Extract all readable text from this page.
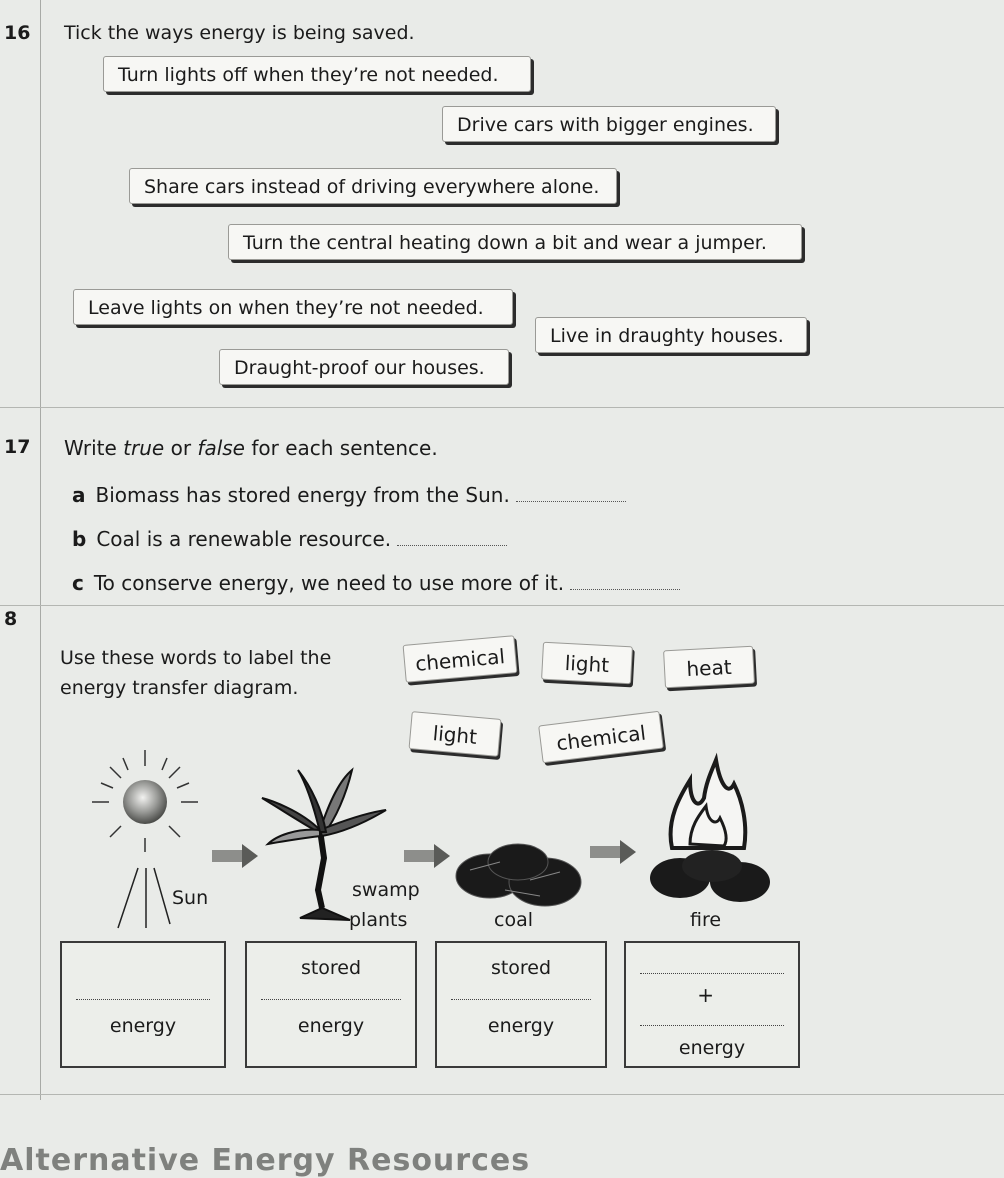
16 Tick the ways energy is being saved.
Turn lights off when they’re not needed.
Drive cars with bigger engines.
Share cars instead of driving everywhere alone.
Turn the central heating down a bit and wear a jumper.
Leave lights on when they’re not needed.
Live in draughty houses.
Draught-proof our houses.
17 Write true or false for each sentence.
a Biomass has stored energy from the Sun.
b Coal is a renewable resource.
c To conserve energy, we need to use more of it.
8
Use these words to label the
energy transfer diagram.
chemical	light	heat
light	chemical
Sun	swamp
plants	coal	fire
energy
stored
energy
stored
energy
+
energy
Alternative Energy Resources
